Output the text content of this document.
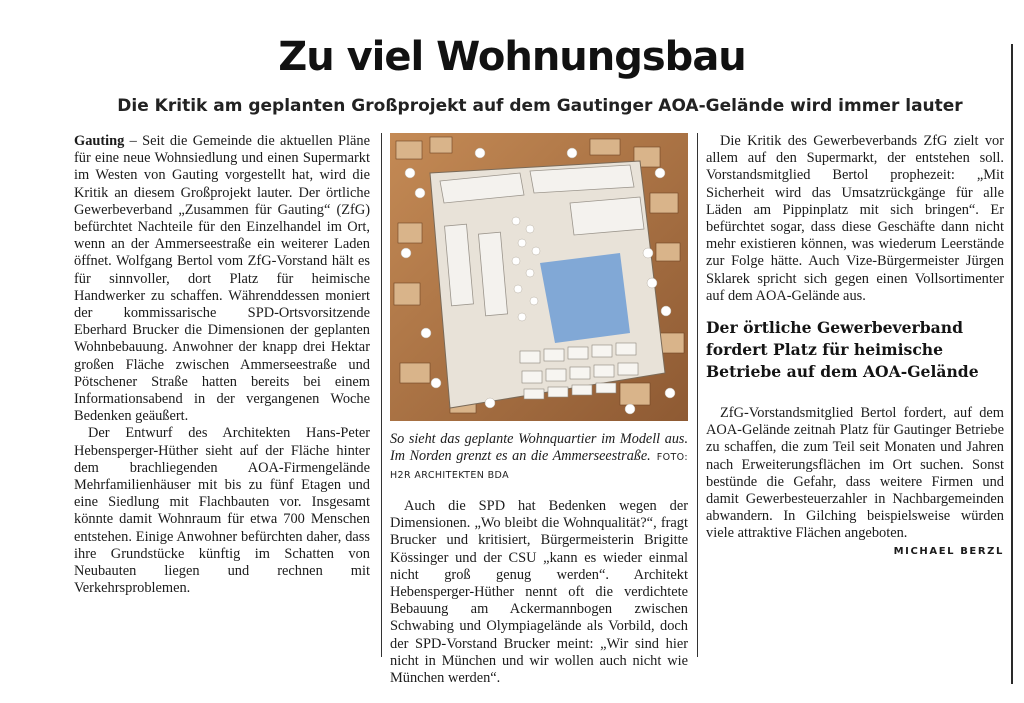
Zu viel Wohnungsbau
Die Kritik am geplanten Großprojekt auf dem Gautinger AOA-Gelände wird immer lauter

Gauting – Seit die Gemeinde die aktuellen Pläne für eine neue Wohnsiedlung und einen Supermarkt im Westen von Gauting vorgestellt hat, wird die Kritik an diesem Großprojekt lauter. Der örtliche Gewerbeverband „Zusammen für Gauting“ (ZfG) befürchtet Nachteile für den Einzelhandel im Ort, wenn an der Ammerseestraße ein weiterer Laden öffnet. Wolfgang Bertol vom ZfG-Vorstand hält es für sinnvoller, dort Platz für heimische Handwerker zu schaffen. Währenddessen moniert der kommissarische SPD-Ortsvorsitzende Eberhard Brucker die Dimensionen der geplanten Wohnbebauung. Anwohner der knapp drei Hektar großen Fläche zwischen Ammerseestraße und Pötschener Straße hatten bereits bei einem Informationsabend in der vergangenen Woche Bedenken geäußert.

Der Entwurf des Architekten Hans-Peter Hebensperger-Hüther sieht auf der Fläche hinter dem brachliegenden AOA-Firmengelände Mehrfamilienhäuser mit bis zu fünf Etagen und eine Siedlung mit Flachbauten vor. Insgesamt könnte damit Wohnraum für etwa 700 Menschen entstehen. Einige Anwohner befürchten daher, dass ihre Grundstücke künftig im Schatten von Neubauten liegen und rechnen mit Verkehrsproblemen.

So sieht das geplante Wohnquartier im Modell aus. Im Norden grenzt es an die Ammerseestraße. FOTO: H2R ARCHITEKTEN BDA

Auch die SPD hat Bedenken wegen der Dimensionen. „Wo bleibt die Wohnqualität?“, fragt Brucker und kritisiert, Bürgermeisterin Brigitte Kössinger und der CSU „kann es wieder einmal nicht groß genug werden“. Architekt Hebensperger-Hüther nennt oft die verdichtete Bebauung am Ackermannbogen zwischen Schwabing und Olympiagelände als Vorbild, doch der SPD-Vorstand Brucker meint: „Wir sind hier nicht in München und wir wollen auch nicht wie München werden“.

Die Kritik des Gewerbeverbands ZfG zielt vor allem auf den Supermarkt, der entstehen soll. Vorstandsmitglied Bertol prophezeit: „Mit Sicherheit wird das Umsatzrückgänge für alle Läden am Pippinplatz mit sich bringen“. Er befürchtet sogar, dass diese Geschäfte dann nicht mehr existieren können, was wiederum Leerstände zur Folge hätte. Auch Vize-Bürgermeister Jürgen Sklarek spricht sich gegen einen Vollsortimenter auf dem AOA-Gelände aus.

Der örtliche Gewerbeverband fordert Platz für heimische Betriebe auf dem AOA-Gelände

ZfG-Vorstandsmitglied Bertol fordert, auf dem AOA-Gelände zeitnah Platz für Gautinger Betriebe zu schaffen, die zum Teil seit Monaten und Jahren nach Erweiterungsflächen im Ort suchen. Sonst bestünde die Gefahr, dass weitere Firmen und damit Gewerbesteuerzahler in Nachbargemeinden abwandern. In Gilching beispielsweise würden viele attraktive Flächen angeboten.

MICHAEL BERZL
